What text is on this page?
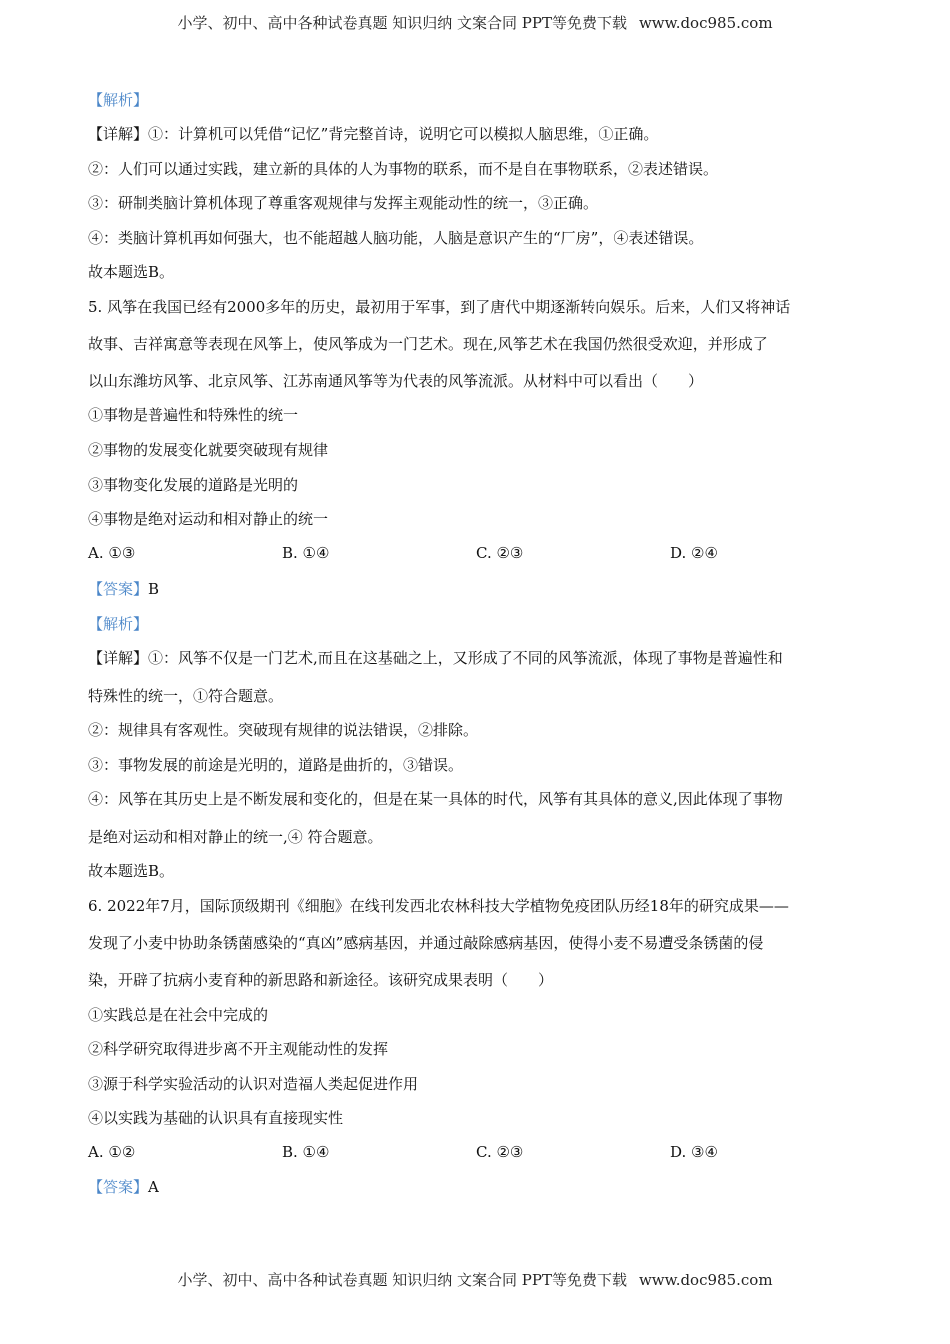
小学、初中、高中各种试卷真题 知识归纳 文案合同 PPT等免费下载 www.doc985.com
【解析】
【详解】①：计算机可以凭借“记忆”背完整首诗，说明它可以模拟人脑思维，①正确。
②：人们可以通过实践，建立新的具体的人为事物的联系，而不是自在事物联系，②表述错误。
③：研制类脑计算机体现了尊重客观规律与发挥主观能动性的统一，③正确。
④：类脑计算机再如何强大，也不能超越人脑功能，人脑是意识产生的“厂房”，④表述错误。
故本题选B。
5. 风筝在我国已经有2000多年的历史，最初用于军事，到了唐代中期逐渐转向娱乐。后来，人们又将神话
故事、吉祥寓意等表现在风筝上，使风筝成为一门艺术。现在,风筝艺术在我国仍然很受欢迎，并形成了
以山东潍坊风筝、北京风筝、江苏南通风筝等为代表的风筝流派。从材料中可以看出（　　）
①事物是普遍性和特殊性的统一
②事物的发展变化就要突破现有规律
③事物变化发展的道路是光明的
④事物是绝对运动和相对静止的统一
A. ①③	B. ①④	C. ②③	D. ②④
【答案】B
【解析】
【详解】①：风筝不仅是一门艺术,而且在这基础之上，又形成了不同的风筝流派，体现了事物是普遍性和
特殊性的统一，①符合题意。
②：规律具有客观性。突破现有规律的说法错误，②排除。
③：事物发展的前途是光明的，道路是曲折的，③错误。
④：风筝在其历史上是不断发展和变化的，但是在某一具体的时代，风筝有其具体的意义,因此体现了事物
是绝对运动和相对静止的统一,④ 符合题意。
故本题选B。
6. 2022年7月，国际顶级期刊《细胞》在线刊发西北农林科技大学植物免疫团队历经18年的研究成果——
发现了小麦中协助条锈菌感染的“真凶”感病基因，并通过敲除感病基因，使得小麦不易遭受条锈菌的侵
染，开辟了抗病小麦育种的新思路和新途径。该研究成果表明（　　）
①实践总是在社会中完成的
②科学研究取得进步离不开主观能动性的发挥
③源于科学实验活动的认识对造福人类起促进作用
④以实践为基础的认识具有直接现实性
A. ①②	B. ①④	C. ②③	D. ③④
【答案】A
小学、初中、高中各种试卷真题 知识归纳 文案合同 PPT等免费下载 www.doc985.com
